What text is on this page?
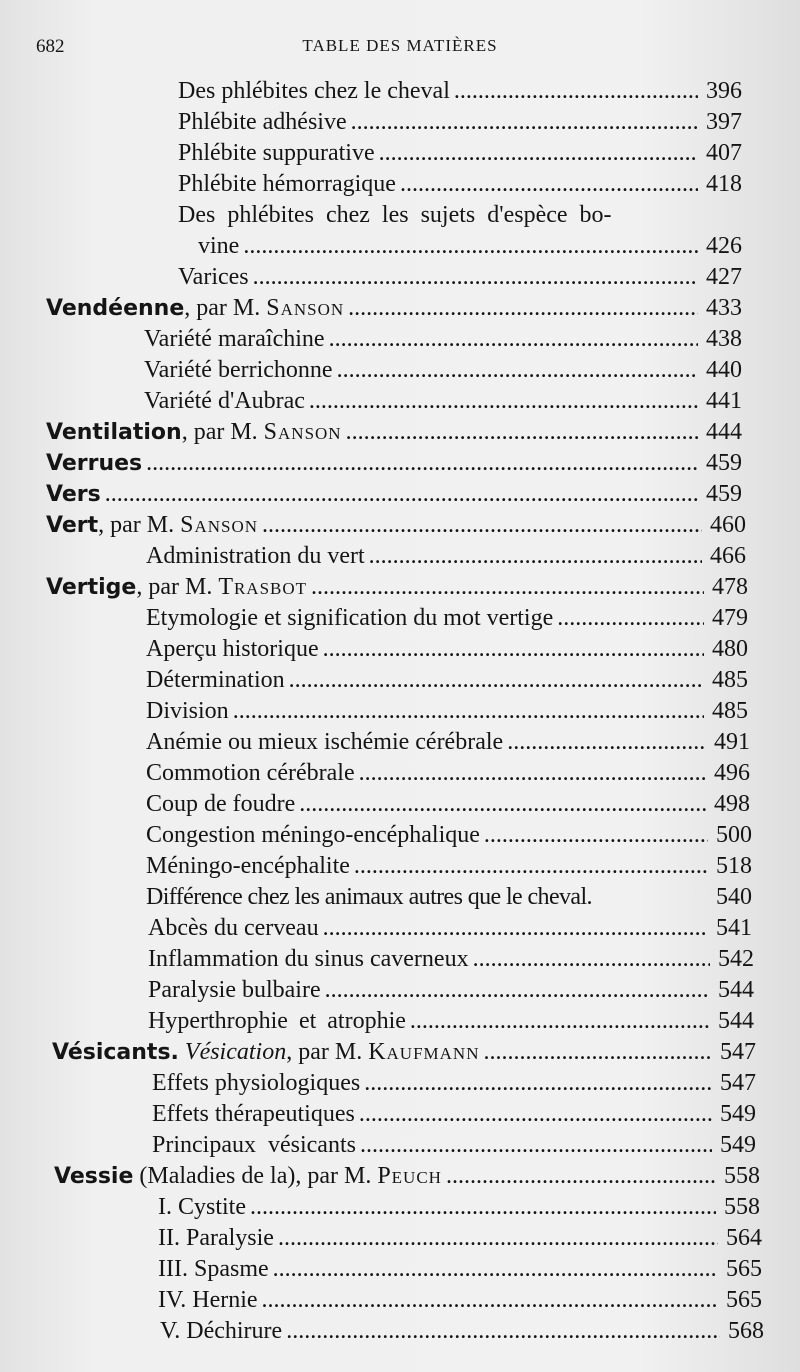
682	TABLE DES MATIÈRES
Des phlébites chez le cheval . . .	396
Phlébite adhésive . . .	397
Phlébite suppurative . . .	407
Phlébite hémorragique . . .	418
Des phlébites chez les sujets d'espèce bo-
vine . . .	426
Varices . . .	427
Vendéenne, par M. Sanson . . .	433
Variété maraîchine . . .	438
Variété berrichonne . . .	440
Variété d'Aubrac . . .	441
Ventilation, par M. Sanson . . .	444
Verrues . . .	459
Vers . . .	459
Vert, par M. Sanson . . .	460
Administration du vert . . .	466
Vertige, par M. Trasbot . . .	478
Etymologie et signification du mot vertige . . .	479
Aperçu historique . . .	480
Détermination . . .	485
Division . . .	485
Anémie ou mieux ischémie cérébrale . . .	491
Commotion cérébrale . . .	496
Coup de foudre . . .	498
Congestion méningo-encéphalique . . .	500
Méningo-encéphalite . . .	518
Différence chez les animaux autres que le cheval.	540
Abcès du cerveau . . .	541
Inflammation du sinus caverneux . . .	542
Paralysie bulbaire . . .	544
Hyperthrophie et atrophie . . .	544
Vésicants. Vésication, par M. Kaufmann . . .	547
Effets physiologiques . . .	547
Effets thérapeutiques . . .	549
Principaux vésicants . . .	549
Vessie (Maladies de la), par M. Peuch . . .	558
I. Cystite . . .	558
II. Paralysie . . .	564
III. Spasme . . .	565
IV. Hernie . . .	565
V. Déchirure . . .	568
